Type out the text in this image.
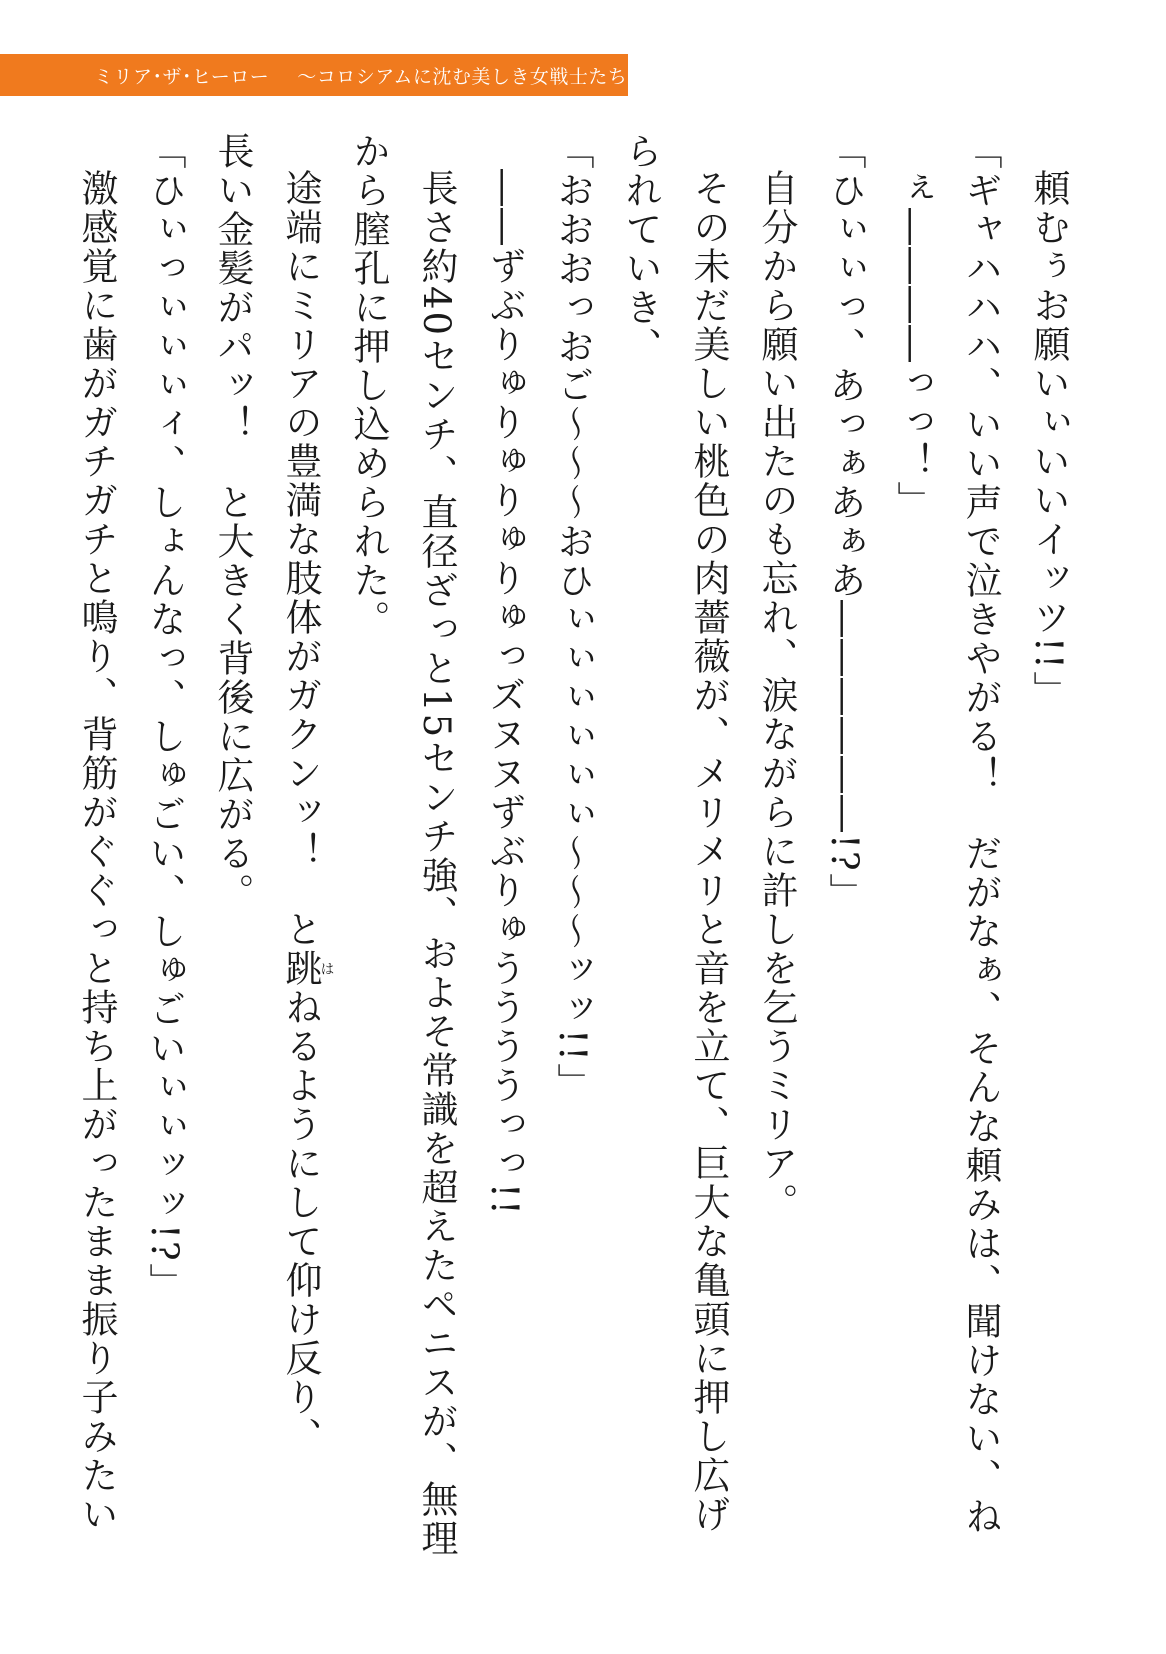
ミリア･ザ･ヒーロー ～コロシアムに沈む美しき女戦士たち～
頼むぅお願いぃいいイッツ!!」
「ギャハハハ、いい声で泣きやがる！　だがなぁ、そんな頼みは、聞けない、ね
ぇ――――っっ！」
「ひぃぃっ、あっぁあぁあ――――――!?」
自分から願い出たのも忘れ、涙ながらに許しを乞うミリア。
その未だ美しい桃色の肉薔薇が、メリメリと音を立て、巨大な亀頭に押し広げ
られていき、
「おおおっおご～～～おひぃぃぃぃぃぃ～～～ッッ!!」
――ずぶりゅりゅりゅりゅっズヌヌずぶりゅううううっっ!!
長さ約40センチ、直径ざっと15センチ強、およそ常識を超えたペニスが、無理
から膣孔に押し込められた。
途端にミリアの豊満な肢体がガクンッ！　と跳はねるようにして仰け反り、
長い金髪がパッ！　と大きく背後に広がる。
「ひぃっぃぃぃィ、しょんなっ、しゅごい、しゅごいぃぃッッ!?」
激感覚に歯がガチガチと鳴り、背筋がぐぐっと持ち上がったまま振り子みたい
